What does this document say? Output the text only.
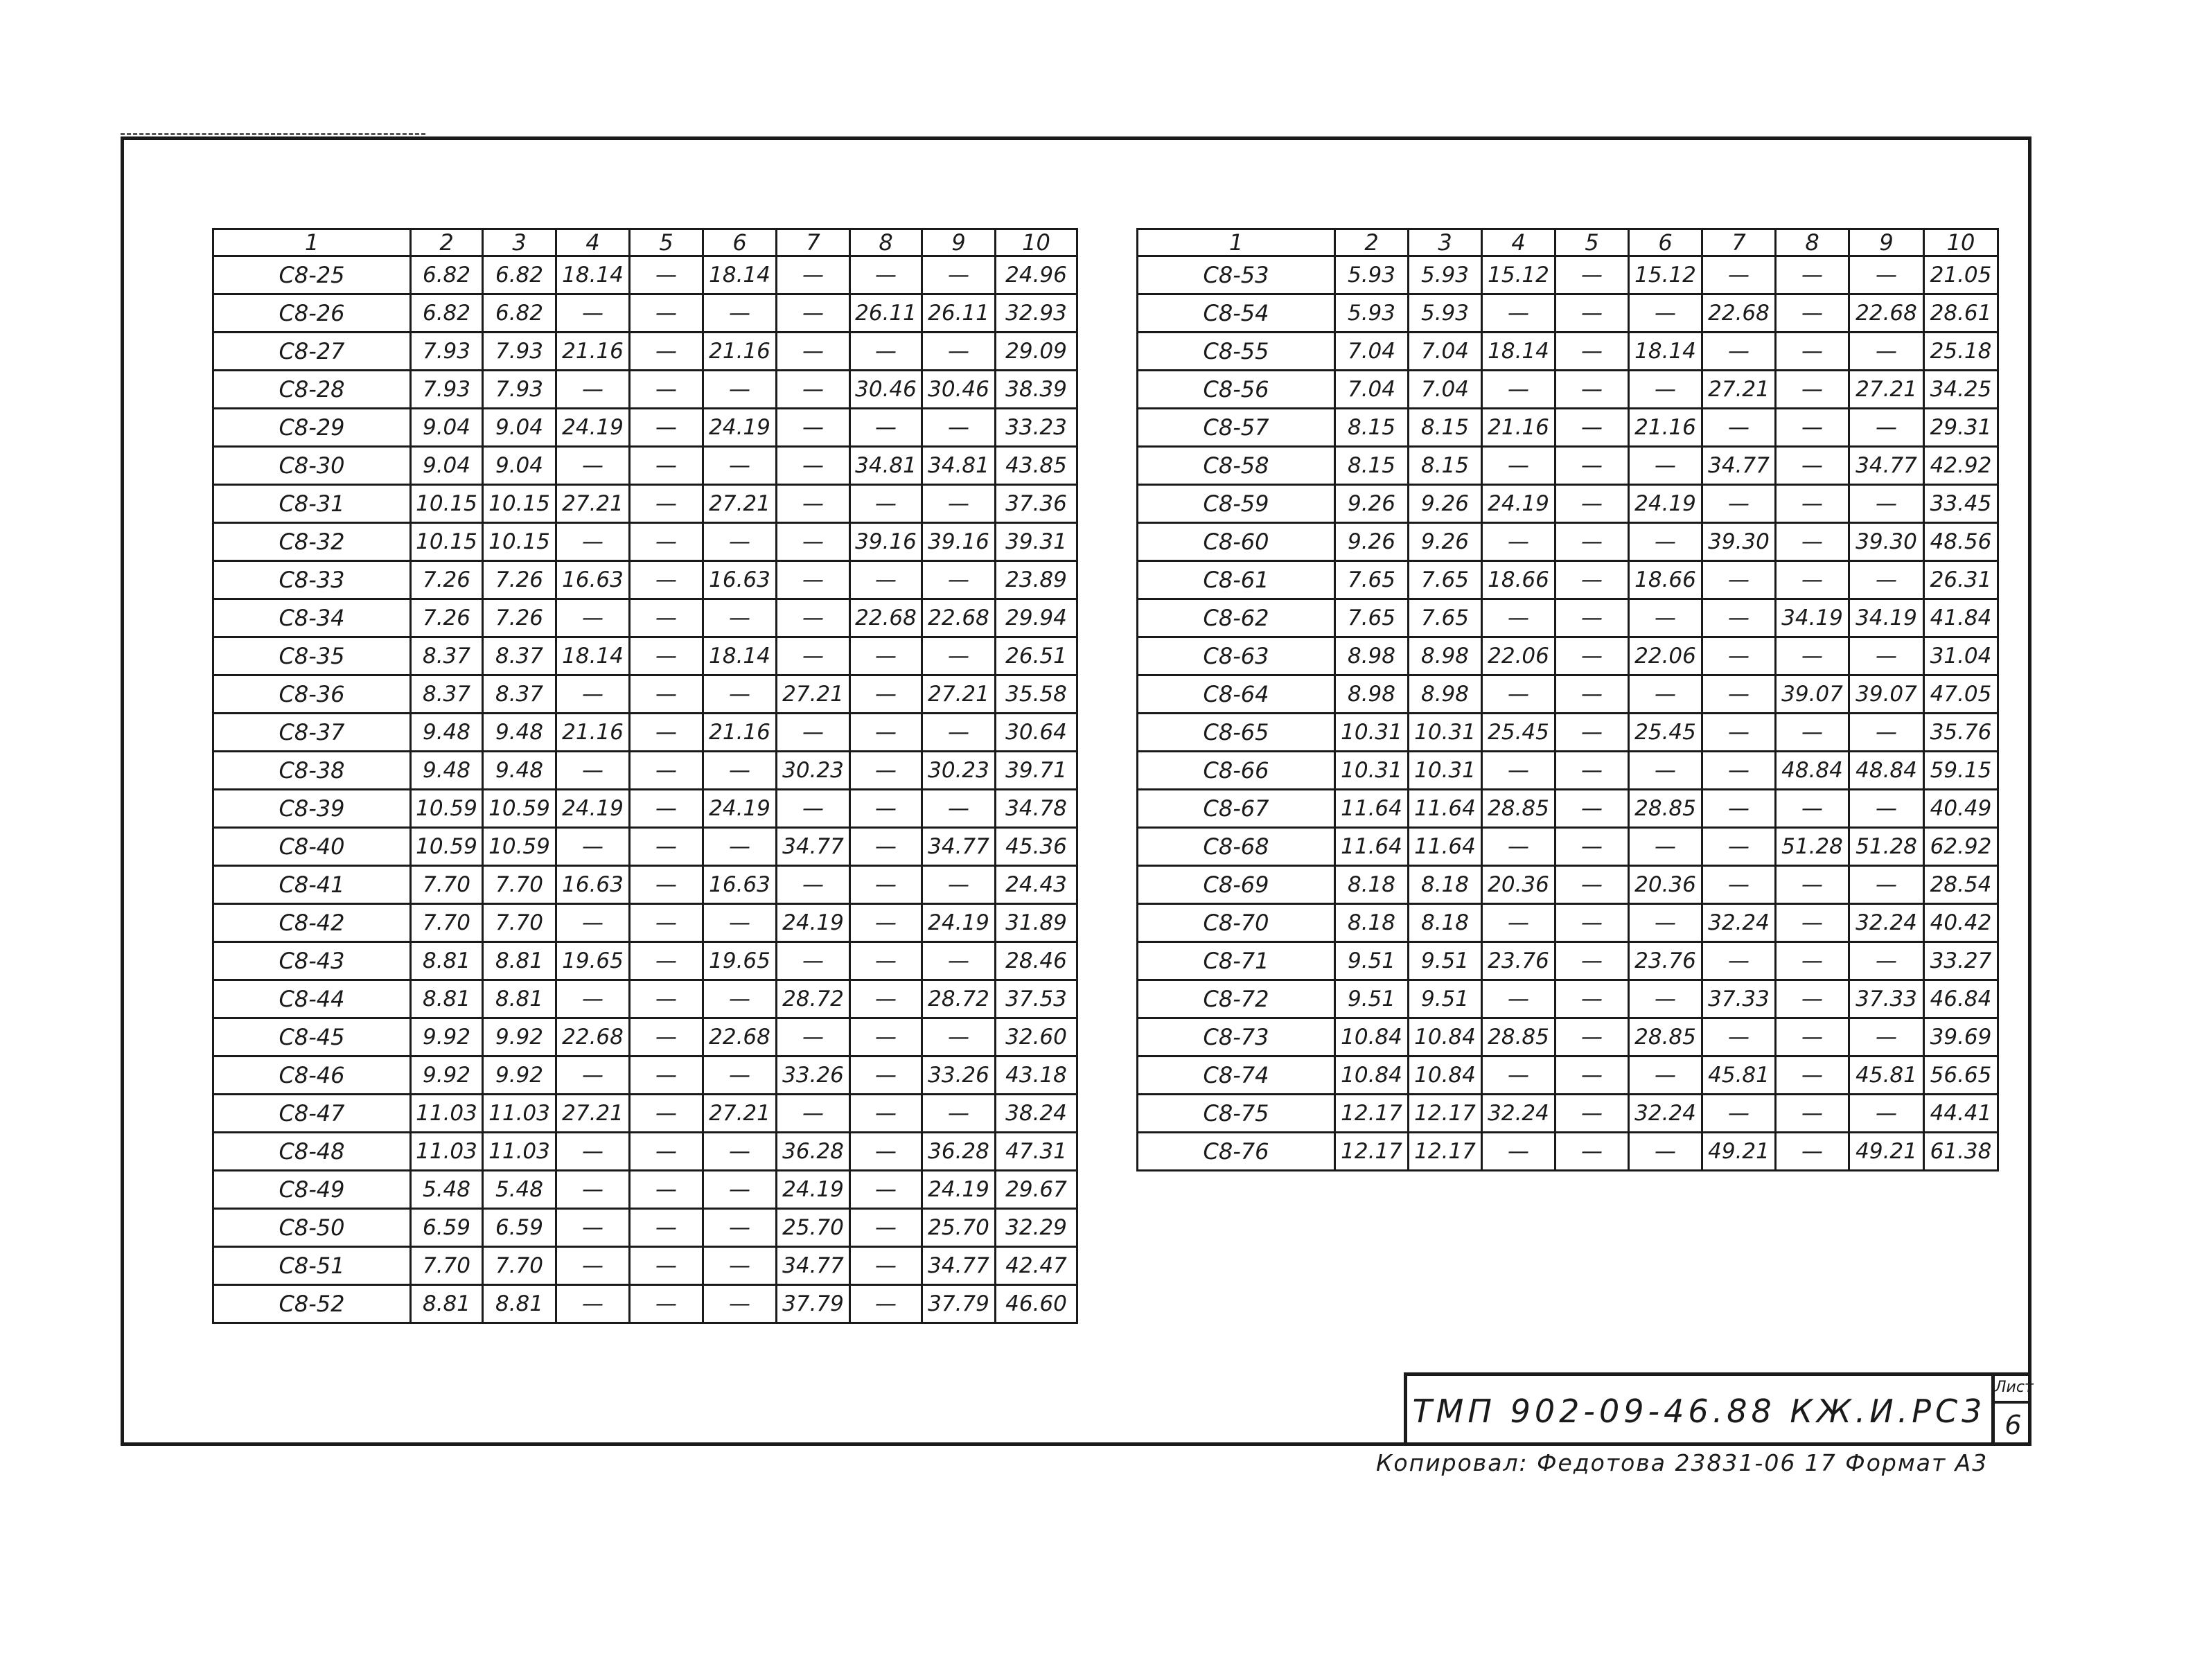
1	2	3	4	5	6	7	8	9	10
С8-25	6.82	6.82	18.14	—	18.14	—	—	—	24.96
С8-26	6.82	6.82	—	—	—	—	26.11	26.11	32.93
С8-27	7.93	7.93	21.16	—	21.16	—	—	—	29.09
С8-28	7.93	7.93	—	—	—	—	30.46	30.46	38.39
С8-29	9.04	9.04	24.19	—	24.19	—	—	—	33.23
С8-30	9.04	9.04	—	—	—	—	34.81	34.81	43.85
С8-31	10.15	10.15	27.21	—	27.21	—	—	—	37.36
С8-32	10.15	10.15	—	—	—	—	39.16	39.16	39.31
С8-33	7.26	7.26	16.63	—	16.63	—	—	—	23.89
С8-34	7.26	7.26	—	—	—	—	22.68	22.68	29.94
С8-35	8.37	8.37	18.14	—	18.14	—	—	—	26.51
С8-36	8.37	8.37	—	—	—	27.21	—	27.21	35.58
С8-37	9.48	9.48	21.16	—	21.16	—	—	—	30.64
С8-38	9.48	9.48	—	—	—	30.23	—	30.23	39.71
С8-39	10.59	10.59	24.19	—	24.19	—	—	—	34.78
С8-40	10.59	10.59	—	—	—	34.77	—	34.77	45.36
С8-41	7.70	7.70	16.63	—	16.63	—	—	—	24.43
С8-42	7.70	7.70	—	—	—	24.19	—	24.19	31.89
С8-43	8.81	8.81	19.65	—	19.65	—	—	—	28.46
С8-44	8.81	8.81	—	—	—	28.72	—	28.72	37.53
С8-45	9.92	9.92	22.68	—	22.68	—	—	—	32.60
С8-46	9.92	9.92	—	—	—	33.26	—	33.26	43.18
С8-47	11.03	11.03	27.21	—	27.21	—	—	—	38.24
С8-48	11.03	11.03	—	—	—	36.28	—	36.28	47.31
С8-49	5.48	5.48	—	—	—	24.19	—	24.19	29.67
С8-50	6.59	6.59	—	—	—	25.70	—	25.70	32.29
С8-51	7.70	7.70	—	—	—	34.77	—	34.77	42.47
С8-52	8.81	8.81	—	—	—	37.79	—	37.79	46.60
1	2	3	4	5	6	7	8	9	10
С8-53	5.93	5.93	15.12	—	15.12	—	—	—	21.05
С8-54	5.93	5.93	—	—	—	22.68	—	22.68	28.61
С8-55	7.04	7.04	18.14	—	18.14	—	—	—	25.18
С8-56	7.04	7.04	—	—	—	27.21	—	27.21	34.25
С8-57	8.15	8.15	21.16	—	21.16	—	—	—	29.31
С8-58	8.15	8.15	—	—	—	34.77	—	34.77	42.92
С8-59	9.26	9.26	24.19	—	24.19	—	—	—	33.45
С8-60	9.26	9.26	—	—	—	39.30	—	39.30	48.56
С8-61	7.65	7.65	18.66	—	18.66	—	—	—	26.31
С8-62	7.65	7.65	—	—	—	—	34.19	34.19	41.84
С8-63	8.98	8.98	22.06	—	22.06	—	—	—	31.04
С8-64	8.98	8.98	—	—	—	—	39.07	39.07	47.05
С8-65	10.31	10.31	25.45	—	25.45	—	—	—	35.76
С8-66	10.31	10.31	—	—	—	—	48.84	48.84	59.15
С8-67	11.64	11.64	28.85	—	28.85	—	—	—	40.49
С8-68	11.64	11.64	—	—	—	—	51.28	51.28	62.92
С8-69	8.18	8.18	20.36	—	20.36	—	—	—	28.54
С8-70	8.18	8.18	—	—	—	32.24	—	32.24	40.42
С8-71	9.51	9.51	23.76	—	23.76	—	—	—	33.27
С8-72	9.51	9.51	—	—	—	37.33	—	37.33	46.84
С8-73	10.84	10.84	28.85	—	28.85	—	—	—	39.69
С8-74	10.84	10.84	—	—	—	45.81	—	45.81	56.65
С8-75	12.17	12.17	32.24	—	32.24	—	—	—	44.41
С8-76	12.17	12.17	—	—	—	49.21	—	49.21	61.38
ТМП 902-09-46.88 КЖ.И.РС3
Лист
6
Копировал: Федотова 23831-06 17 Формат А3
